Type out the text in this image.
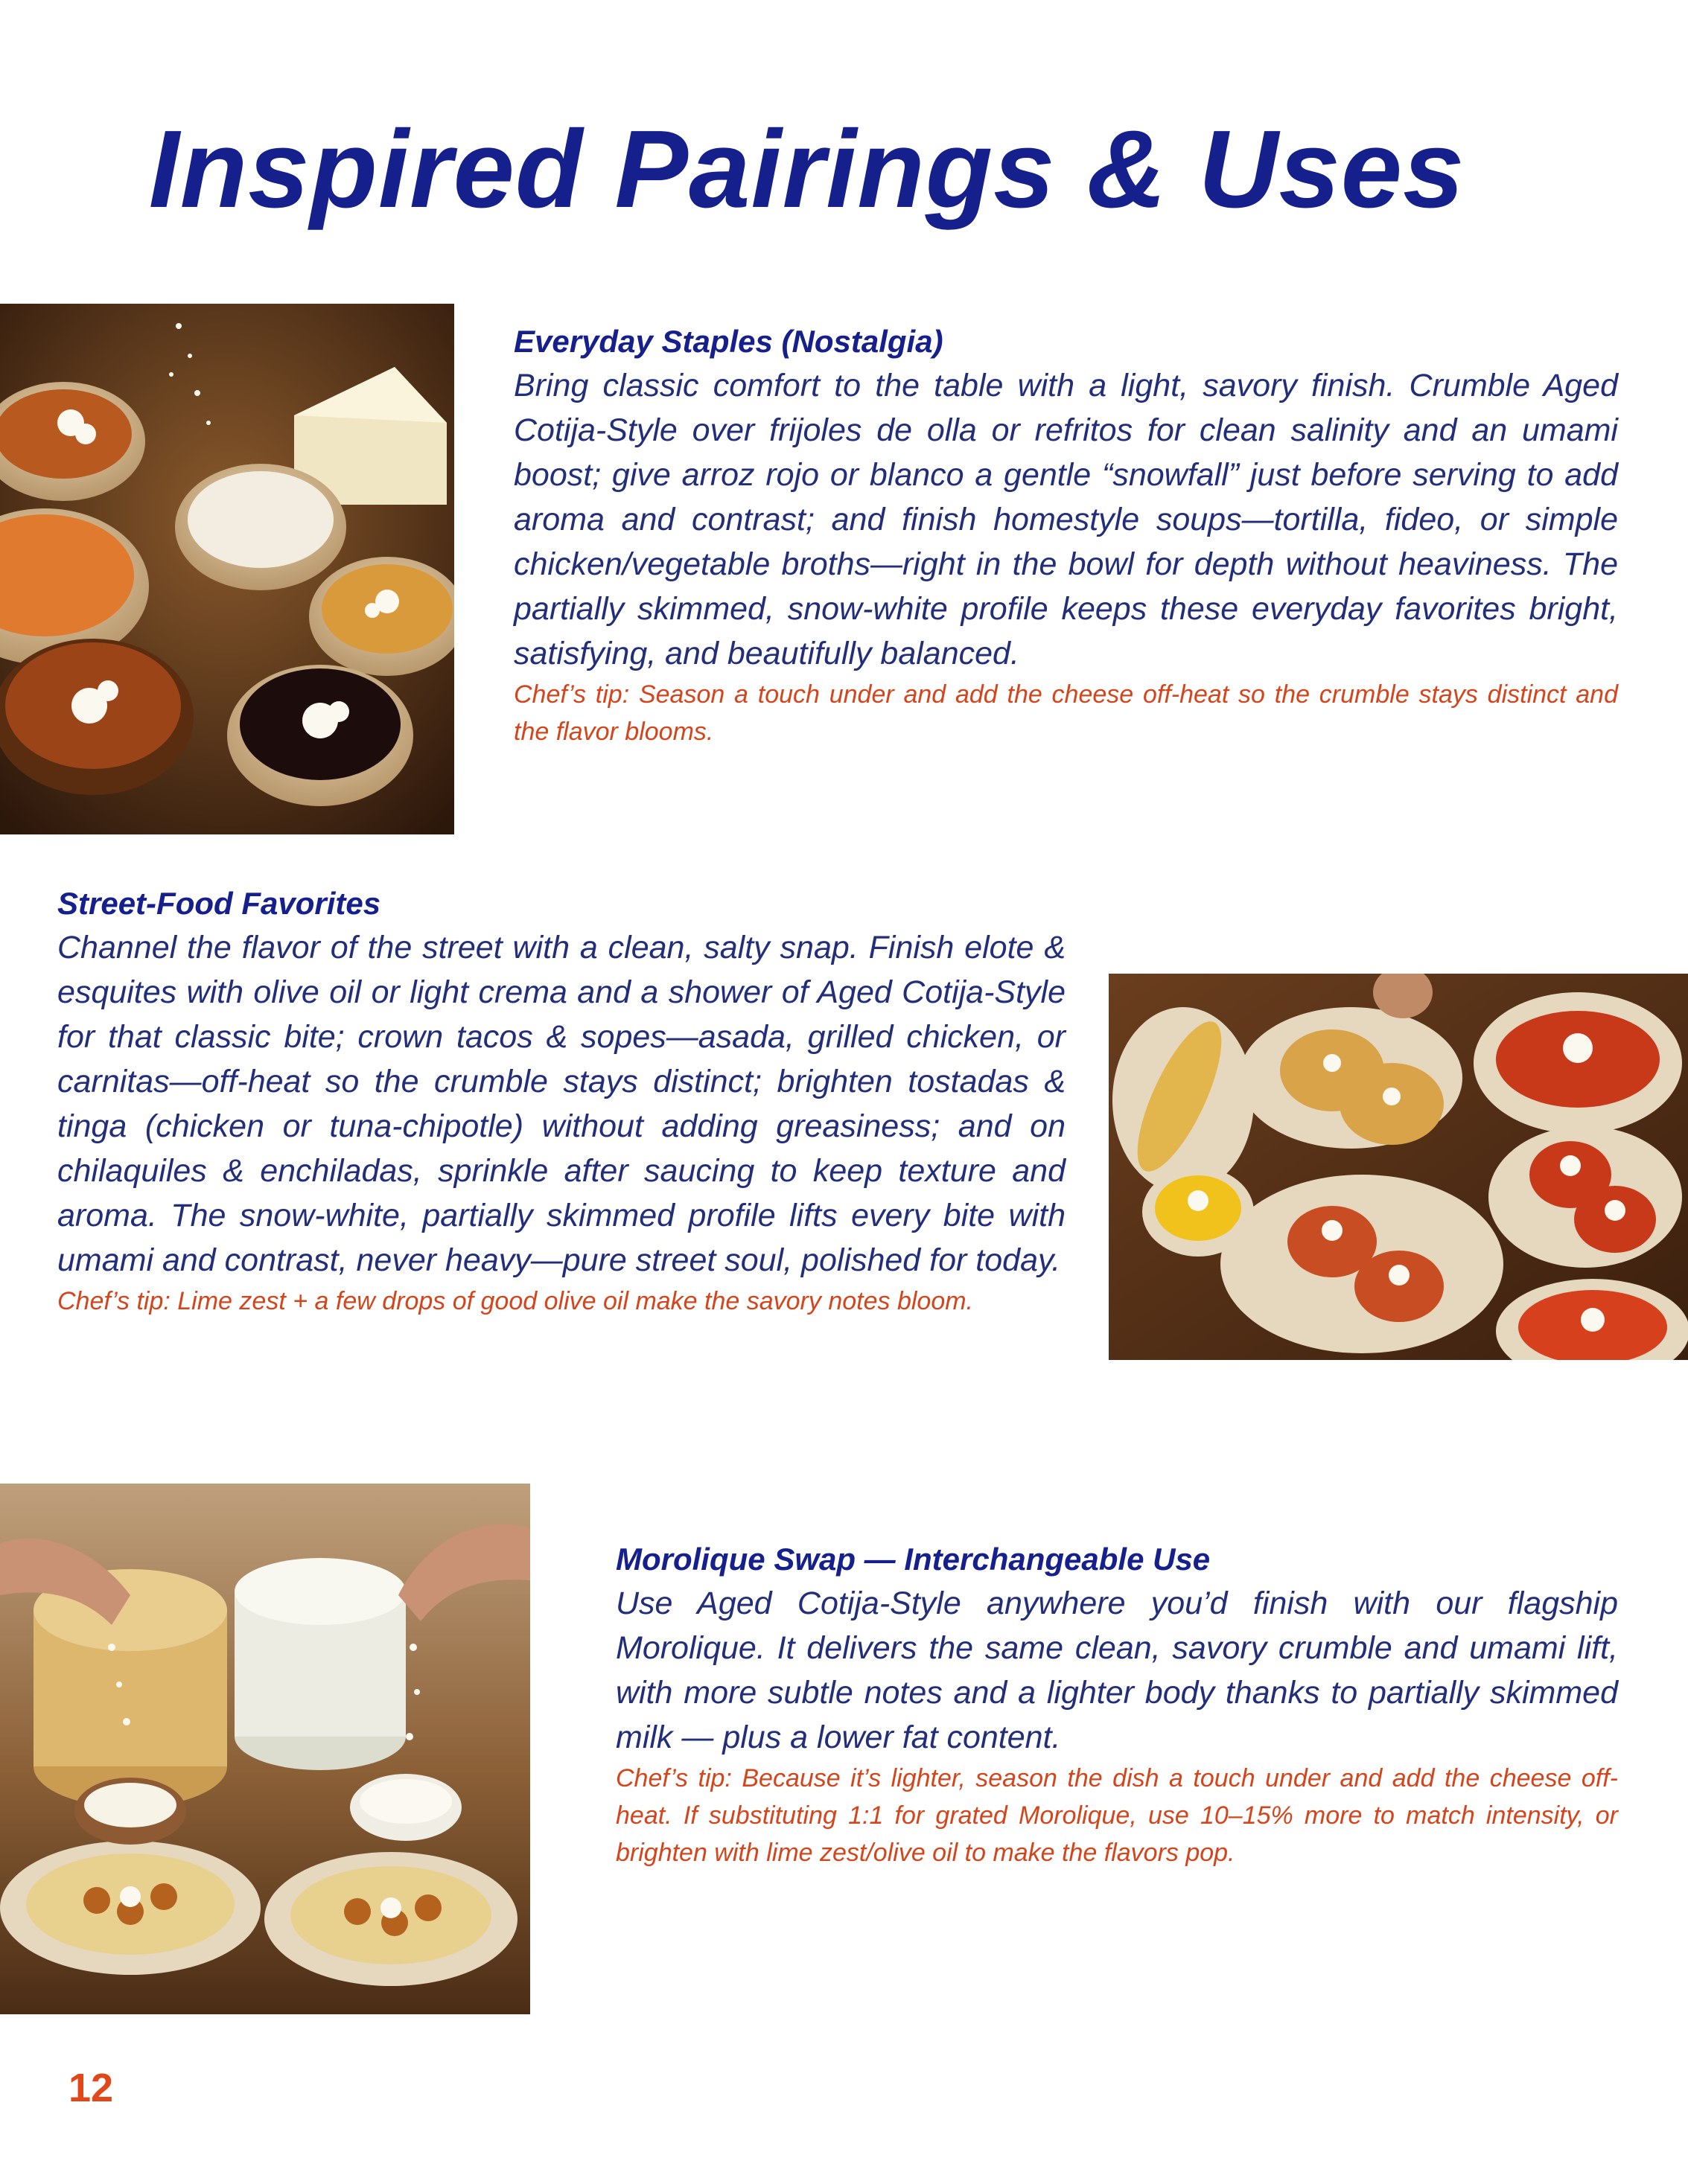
Inspired Pairings & Uses

Everyday Staples (Nostalgia)

Bring classic comfort to the table with a light, savory finish. Crumble Aged Cotija-Style over frijoles de olla or refritos for clean salinity and an umami boost; give arroz rojo or blanco a gentle “snowfall” just before serving to add aroma and contrast; and finish homestyle soups—tortilla, fideo, or simple chicken/vegetable broths—right in the bowl for depth without heaviness. The partially skimmed, snow-white profile keeps these everyday favorites bright, satisfying, and beautifully balanced.

Chef’s tip: Season a touch under and add the cheese off-heat so the crumble stays distinct and the flavor blooms.

Street-Food Favorites

Channel the flavor of the street with a clean, salty snap. Finish elote & esquites with olive oil or light crema and a shower of Aged Cotija-Style for that classic bite; crown tacos & sopes—asada, grilled chicken, or carnitas—off-heat so the crumble stays distinct; brighten tostadas & tinga (chicken or tuna-chipotle) without adding greasiness; and on chilaquiles & enchiladas, sprinkle after saucing to keep texture and aroma. The snow-white, partially skimmed profile lifts every bite with umami and contrast, never heavy—pure street soul, polished for today.

Chef’s tip: Lime zest + a few drops of good olive oil make the savory notes bloom.

Morolique Swap — Interchangeable Use

Use Aged Cotija-Style anywhere you’d finish with our flagship Morolique. It delivers the same clean, savory crumble and umami lift, with more subtle notes and a lighter body thanks to partially skimmed milk — plus a lower fat content.

Chef’s tip: Because it’s lighter, season the dish a touch under and add the cheese off-heat. If substituting 1:1 for grated Morolique, use 10–15% more to match intensity, or brighten with lime zest/olive oil to make the flavors pop.

12
